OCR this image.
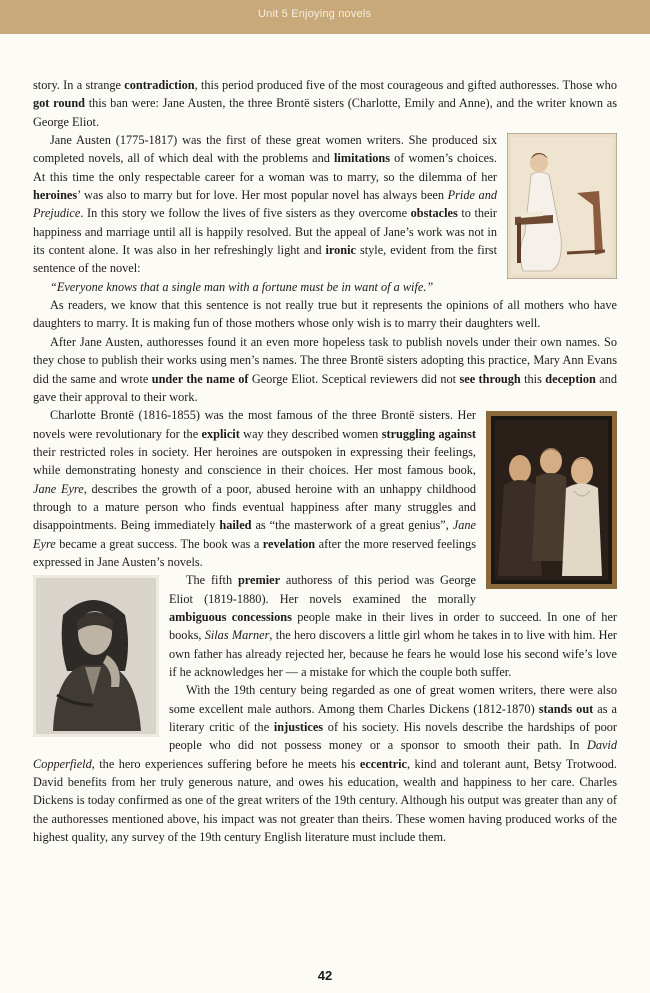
Unit 5 Enjoying novels

story. In a strange contradiction, this period produced five of the most courageous and gifted authoresses. Those who got round this ban were: Jane Austen, the three Brontë sisters (Charlotte, Emily and Anne), and the writer known as George Eliot.

Jane Austen (1775-1817) was the first of these great women writers. She produced six completed novels, all of which deal with the problems and limitations of women’s choices. At this time the only respectable career for a woman was to marry, so the dilemma of her heroines’ was also to marry but for love. Her most popular novel has always been Pride and Prejudice. In this story we follow the lives of five sisters as they overcome obstacles to their happiness and marriage until all is happily resolved. But the appeal of Jane’s work was not in its content alone. It was also in her refreshingly light and ironic style, evident from the first sentence of the novel:

“Everyone knows that a single man with a fortune must be in want of a wife.”

As readers, we know that this sentence is not really true but it represents the opinions of all mothers who have daughters to marry. It is making fun of those mothers whose only wish is to marry their daughters well.

After Jane Austen, authoresses found it an even more hopeless task to publish novels under their own names. So they chose to publish their works using men’s names. The three Brontë sisters adopting this practice, Mary Ann Evans did the same and wrote under the name of George Eliot. Sceptical reviewers did not see through this deception and gave their approval to their work.

Charlotte Brontë (1816-1855) was the most famous of the three Brontë sisters. Her novels were revolutionary for the explicit way they described women struggling against their restricted roles in society. Her heroines are outspoken in expressing their feelings, while demonstrating honesty and conscience in their choices. Her most famous book, Jane Eyre, describes the growth of a poor, abused heroine with an unhappy childhood through to a mature person who finds eventual happiness after many struggles and disappointments. Being immediately hailed as “the masterwork of a great genius”, Jane Eyre became a great success. The book was a revelation after the more reserved feelings expressed in Jane Austen’s novels.

The fifth premier authoress of this period was George Eliot (1819-1880). Her novels examined the morally ambiguous concessions people make in their lives in order to succeed. In one of her books, Silas Marner, the hero discovers a little girl whom he takes in to live with him. Her own father has already rejected her, because he fears he would lose his second wife’s love if he acknowledges her — a mistake for which the couple both suffer.

With the 19th century being regarded as one of great women writers, there were also some excellent male authors. Among them Charles Dickens (1812-1870) stands out as a literary critic of the injustices of his society. His novels describe the hardships of poor people who did not possess money or a sponsor to smooth their path. In David Copperfield, the hero experiences suffering before he meets his eccentric, kind and tolerant aunt, Betsy Trotwood. David benefits from her truly generous nature, and owes his education, wealth and happiness to her care. Charles Dickens is today confirmed as one of the great writers of the 19th century. Although his output was greater than any of the authoresses mentioned above, his impact was not greater than theirs. These women having produced works of the highest quality, any survey of the 19th century English literature must include them.

42
